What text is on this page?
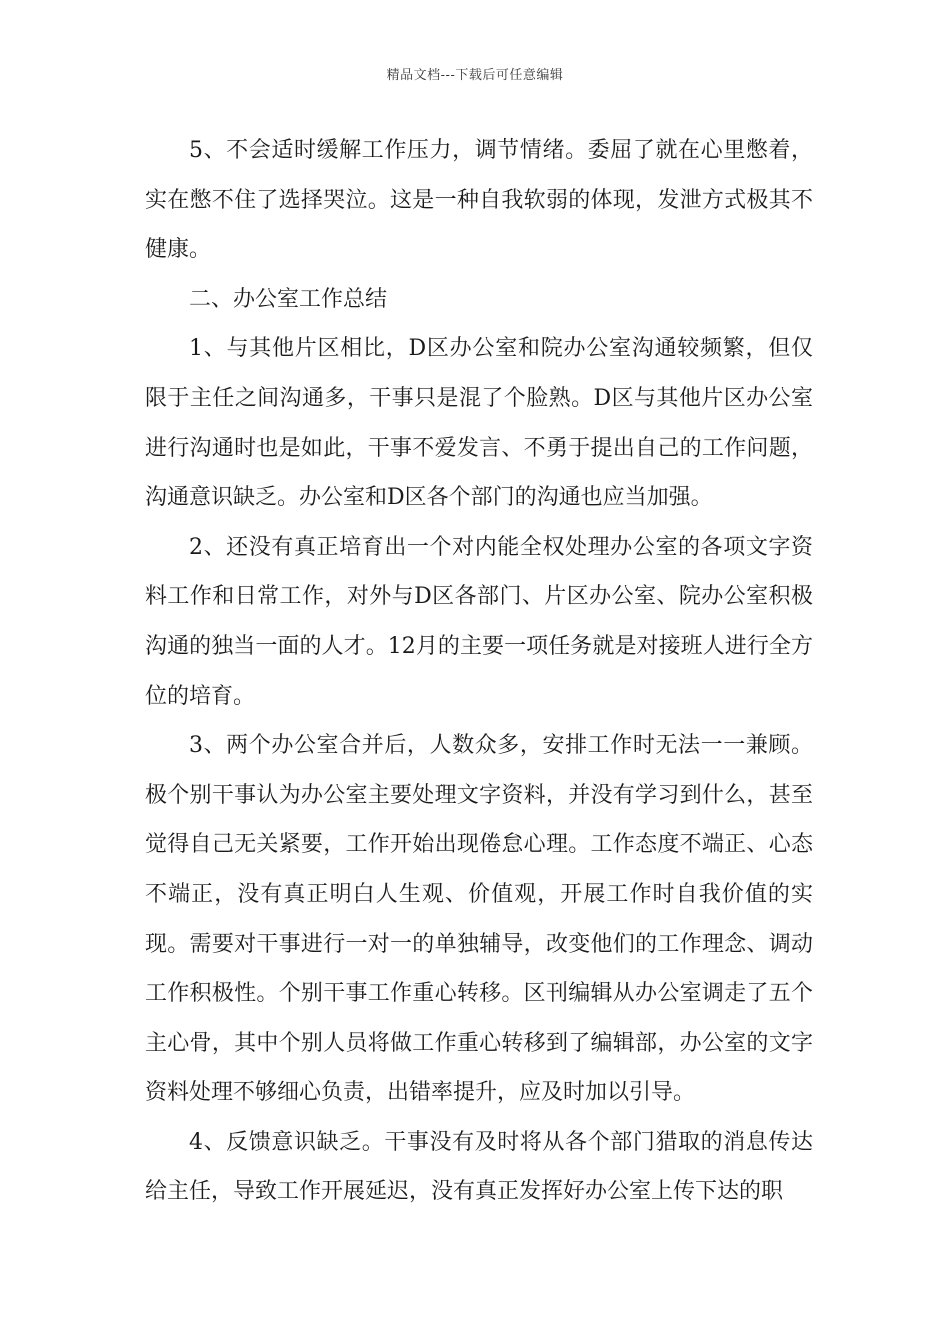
精品文档---下载后可任意编辑

5、不会适时缓解工作压力，调节情绪。委屈了就在心里憋着，实在憋不住了选择哭泣。这是一种自我软弱的体现，发泄方式极其不健康。

二、办公室工作总结

1、与其他片区相比，D区办公室和院办公室沟通较频繁，但仅限于主任之间沟通多，干事只是混了个脸熟。D区与其他片区办公室进行沟通时也是如此，干事不爱发言、不勇于提出自己的工作问题，沟通意识缺乏。办公室和D区各个部门的沟通也应当加强。

2、还没有真正培育出一个对内能全权处理办公室的各项文字资料工作和日常工作，对外与D区各部门、片区办公室、院办公室积极沟通的独当一面的人才。12月的主要一项任务就是对接班人进行全方位的培育。

3、两个办公室合并后，人数众多，安排工作时无法一一兼顾。极个别干事认为办公室主要处理文字资料，并没有学习到什么，甚至觉得自己无关紧要，工作开始出现倦怠心理。工作态度不端正、心态不端正，没有真正明白人生观、价值观，开展工作时自我价值的实现。需要对干事进行一对一的单独辅导，改变他们的工作理念、调动工作积极性。个别干事工作重心转移。区刊编辑从办公室调走了五个主心骨，其中个别人员将做工作重心转移到了编辑部，办公室的文字资料处理不够细心负责，出错率提升，应及时加以引导。

4、反馈意识缺乏。干事没有及时将从各个部门猎取的消息传达给主任，导致工作开展延迟，没有真正发挥好办公室上传下达的职
